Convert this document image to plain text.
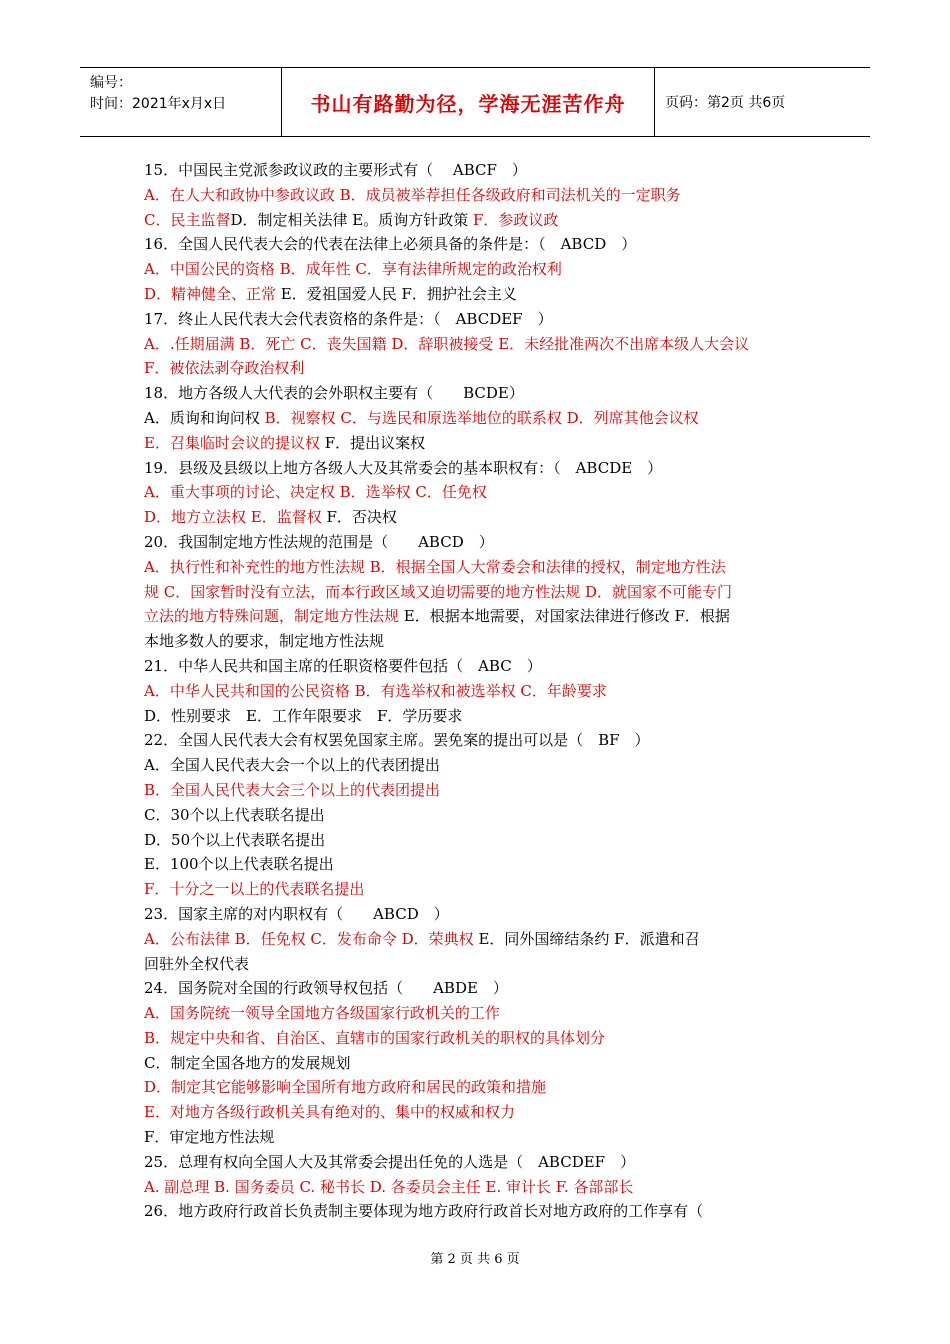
编号：
时间：2021年x月x日	书山有路勤为径，学海无涯苦作舟	页码：第2页 共6页
15．中国民主党派参政议政的主要形式有（　 ABCF　）
A．在人大和政协中参政议政 B．成员被举荐担任各级政府和司法机关的一定职务
C．民主监督D．制定相关法律 E。质询方针政策 F．参政议政
16．全国人民代表大会的代表在法律上必须具备的条件是：（　ABCD　）
A．中国公民的资格 B．成年性 C．享有法律所规定的政治权利
D．精神健全、正常 E．爱祖国爱人民 F．拥护社会主义
17．终止人民代表大会代表资格的条件是：（　ABCDEF　）
A．.任期届满 B．死亡 C．丧失国籍 D．辞职被接受 E．未经批准两次不出席本级人大会议
F．被依法剥夺政治权利
18．地方各级人大代表的会外职权主要有（　　BCDE）
A．质询和询问权 B．视察权 C．与选民和原选举地位的联系权 D．列席其他会议权
E．召集临时会议的提议权 F．提出议案权
19．县级及县级以上地方各级人大及其常委会的基本职权有：（　ABCDE　）
A．重大事项的讨论、决定权 B．选举权 C．任免权
D．地方立法权 E．监督权 F．否决权
20．我国制定地方性法规的范围是（　　ABCD　）
A．执行性和补充性的地方性法规 B．根据全国人大常委会和法律的授权，制定地方性法
规 C．国家暂时没有立法，而本行政区域又迫切需要的地方性法规 D．就国家不可能专门
立法的地方特殊问题，制定地方性法规 E．根据本地需要，对国家法律进行修改 F．根据
本地多数人的要求，制定地方性法规
21．中华人民共和国主席的任职资格要件包括（　ABC　）
A．中华人民共和国的公民资格 B．有选举权和被选举权 C．年龄要求
D．性别要求　E．工作年限要求　F．学历要求
22．全国人民代表大会有权罢免国家主席。罢免案的提出可以是（　BF　）
A．全国人民代表大会一个以上的代表团提出
B．全国人民代表大会三个以上的代表团提出
C．30个以上代表联名提出
D．50个以上代表联名提出
E．100个以上代表联名提出
F．十分之一以上的代表联名提出
23．国家主席的对内职权有（　　ABCD　）
A．公布法律 B．任免权 C．发布命令 D．荣典权 E．同外国缔结条约 F．派遣和召
回驻外全权代表
24．国务院对全国的行政领导权包括（　　ABDE　）
A．国务院统一领导全国地方各级国家行政机关的工作
B．规定中央和省、自治区、直辖市的国家行政机关的职权的具体划分
C．制定全国各地方的发展规划
D．制定其它能够影响全国所有地方政府和居民的政策和措施
E．对地方各级行政机关具有绝对的、集中的权威和权力
F．审定地方性法规
25．总理有权向全国人大及其常委会提出任免的人选是（　ABCDEF　）
A. 副总理 B. 国务委员 C. 秘书长 D. 各委员会主任 E. 审计长 F. 各部部长
26．地方政府行政首长负责制主要体现为地方政府行政首长对地方政府的工作享有（
第 2 页 共 6 页
